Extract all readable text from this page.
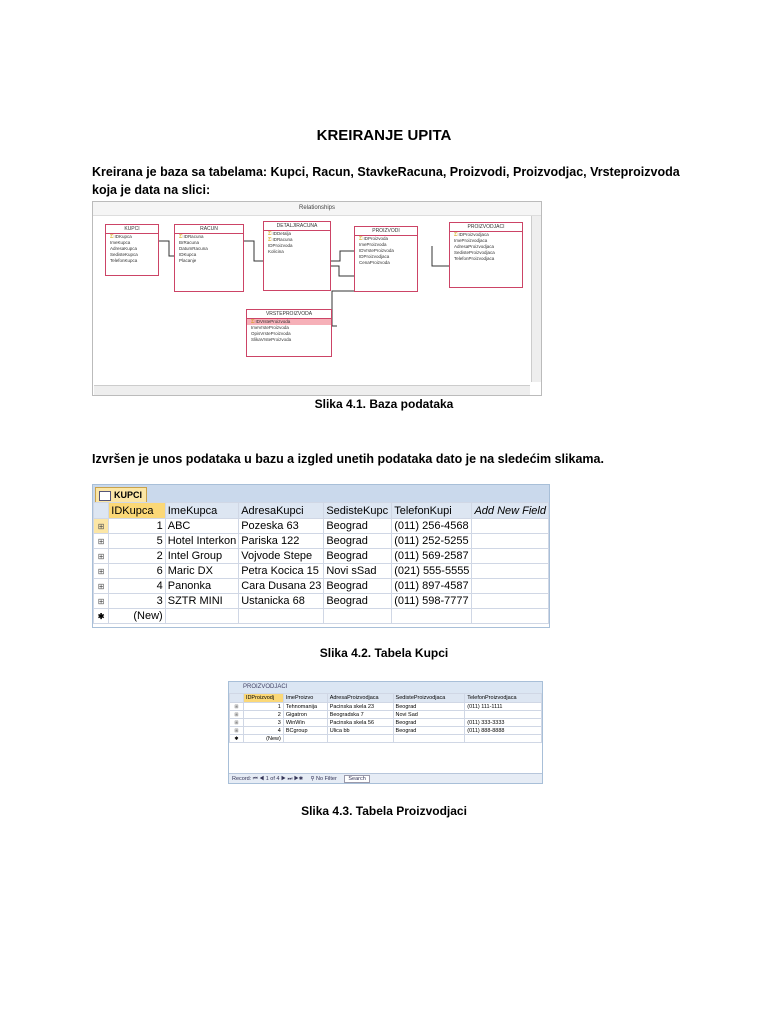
KREIRANJE UPITA
Kreirana je baza sa tabelama: Kupci, Racun, StavkeRacuna, Proizvodi, Proizvodjac, Vrsteproizvoda koja je data na slici:
Relationships
KUPCI
⚿ IDKupca
ImeKupca
AdresaKupca
SedisteKupca
TelefonKupca
RACUN
⚿ IDRacuna
BrRacuna
DatumRacuna
IDKupca
Placanje
DETALJIRACUNA
⚿ IDDetalja
⚿ IDRacuna
IDProizvoda
Kolicina
PROIZVODI
⚿ IDProizvoda
ImeProizvoda
IDVrsteProizvoda
IDProizvodjaca
CenaProizvoda
PROIZVODJACI
⚿ IDProizvodjaca
ImeProizvodjaca
AdresaProizvodjaca
SedisteProizvodjaca
TelefonProizvodjaca
VRSTEPROIZVODA
⚿ IDVrsteProizvoda
ImeVrsteProizvoda
OpisVrsteProizvoda
SlikaVrsteProizvoda
Slika 4.1. Baza podataka
Izvršen je unos podataka u bazu a izgled unetih podataka dato je na sledećim slikama.
KUPCI
	IDKupca	ImeKupca	AdresaKupci	SedisteKupc	TelefonKupi	Add New Field
⊞	1	ABC	Pozeska 63	Beograd	(011) 256-4568	
⊞	5	Hotel Interkon	Pariska 122	Beograd	(011) 252-5255	
⊞	2	Intel Group	Vojvode Stepe	Beograd	(011) 569-2587	
⊞	6	Maric DX	Petra Kocica 15	Novi sSad	(021) 555-5555	
⊞	4	Panonka	Cara Dusana 23	Beograd	(011) 897-4587	
⊞	3	SZTR MINI	Ustanicka 68	Beograd	(011) 598-7777	
✱	(New)					
Slika 4.2. Tabela Kupci
PROIZVODJACI
	IDProizvodj	ImeProizvo	AdresaProizvodjaca	SedisteProizvodjaca	TelefonProizvodjaca
⊞	1	Tehnomanija	Pacinska skela 23	Beograd	(011) 111-1111
⊞	2	Gigatron	Beogradska 7	Novi Sad	
⊞	3	WinWin	Pacinska skela 56	Beograd	(011) 333-3333
⊞	4	BCgroup	Ulica bb	Beograd	(011) 888-8888
✱	(New)				
Record: ⏮ ◀ 1 of 4 ▶ ⏭ ▶✱ ⚲ No Filter Search
Slika 4.3. Tabela Proizvodjaci
